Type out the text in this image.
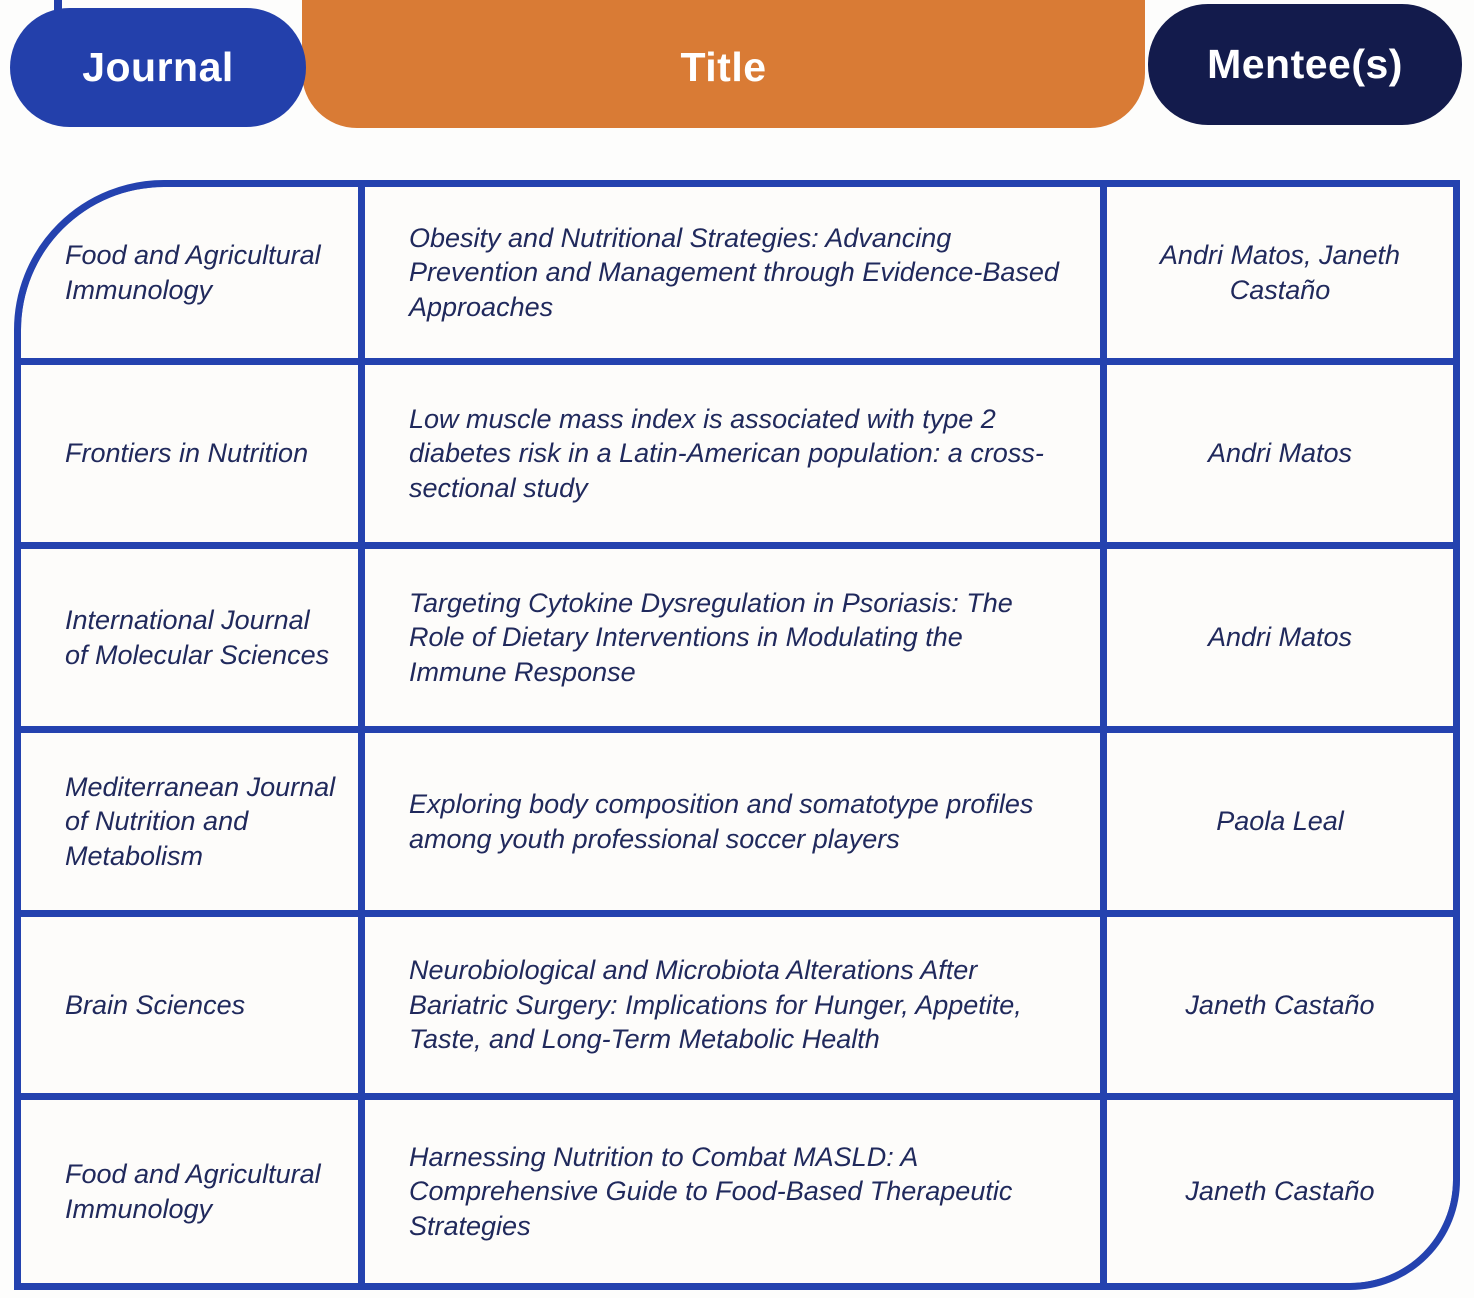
Title
Journal	Mentee(s)
Food and Agricultural Immunology
Obesity and Nutritional Strategies: Advancing Prevention and Management through Evidence-Based Approaches
Andri Matos, Janeth Castaño
Frontiers in Nutrition
Low muscle mass index is associated with type 2 diabetes risk in a Latin-American population: a cross-sectional study
Andri Matos
International Journal of Molecular Sciences
Targeting Cytokine Dysregulation in Psoriasis: The Role of Dietary Interventions in Modulating the Immune Response
Andri Matos
Mediterranean Journal of Nutrition and Metabolism
Exploring body composition and somatotype profiles among youth professional soccer players
Paola Leal
Brain Sciences
Neurobiological and Microbiota Alterations After Bariatric Surgery: Implications for Hunger, Appetite, Taste, and Long-Term Metabolic Health
Janeth Castaño
Food and Agricultural Immunology
Harnessing Nutrition to Combat MASLD: A Comprehensive Guide to Food-Based Therapeutic Strategies
Janeth Castaño
